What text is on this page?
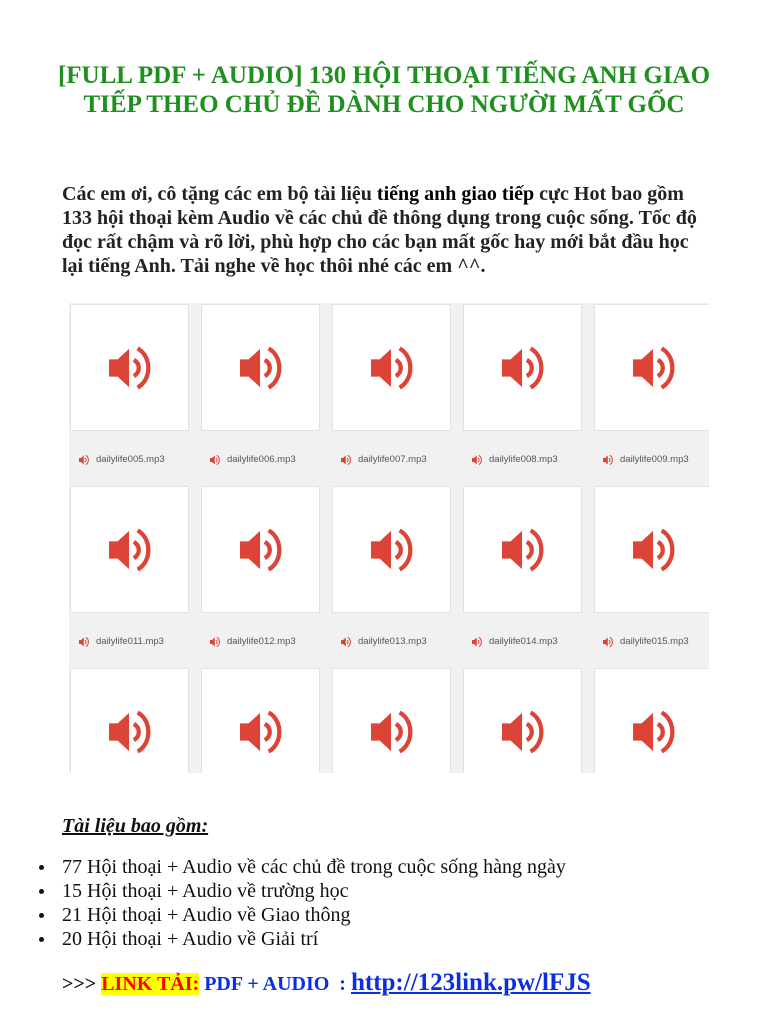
[FULL PDF + AUDIO] 130 HỘI THOẠI TIẾNG ANH GIAO
TIẾP THEO CHỦ ĐỀ DÀNH CHO NGƯỜI MẤT GỐC

Các em ơi, cô tặng các em bộ tài liệu tiếng anh giao tiếp cực Hot bao gồm 133 hội thoại kèm Audio về các chủ đề thông dụng trong cuộc sống. Tốc độ đọc rất chậm và rõ lời, phù hợp cho các bạn mất gốc hay mới bắt đầu học lại tiếng Anh. Tải nghe về học thôi nhé các em ^^.

dailylife005.mp3	dailylife006.mp3	dailylife007.mp3	dailylife008.mp3	dailylife009.mp3
dailylife011.mp3	dailylife012.mp3	dailylife013.mp3	dailylife014.mp3	dailylife015.mp3
Tài liệu bao gồm:
77 Hội thoại + Audio về các chủ đề trong cuộc sống hàng ngày
15 Hội thoại + Audio về trường học
21 Hội thoại + Audio về Giao thông
20 Hội thoại + Audio về Giải trí
>>> LINK TẢI: PDF + AUDIO  : http://123link.pw/lFJS
